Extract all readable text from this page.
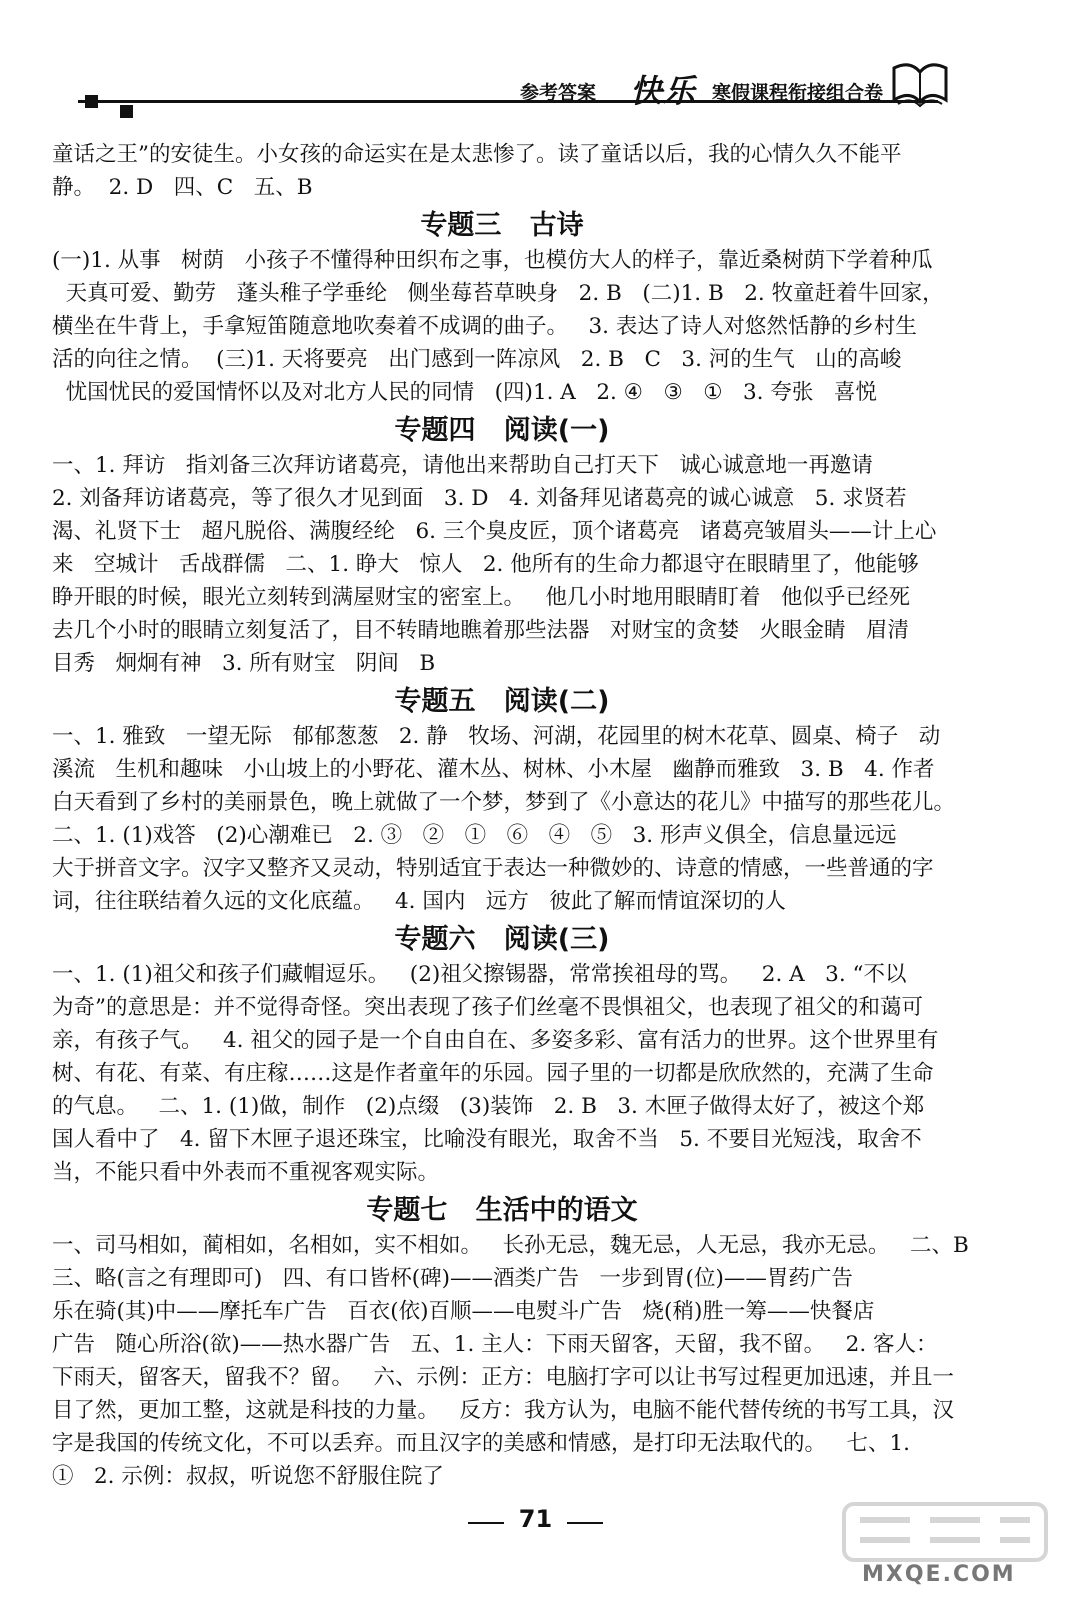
参考答案 快乐 寒假课程衔接组合卷
童话之王”的安徒生。小女孩的命运实在是太悲惨了。读了童话以后，我的心情久久不能平
静。  2. D   四、C   五、B
专题三   古诗
(一)1. 从事   树荫   小孩子不懂得种田织布之事，也模仿大人的样子，靠近桑树荫下学着种瓜
天真可爱、勤劳   蓬头稚子学垂纶   侧坐莓苔草映身   2. B   (二)1. B   2. 牧童赶着牛回家，
横坐在牛背上，手拿短笛随意地吹奏着不成调的曲子。   3. 表达了诗人对悠然恬静的乡村生
活的向往之情。  (三)1. 天将要亮   出门感到一阵凉风   2. B   C   3. 河的生气   山的高峻
忧国忧民的爱国情怀以及对北方人民的同情   (四)1. A   2. ④   ③   ①   3. 夸张   喜悦
专题四   阅读(一)
一、1. 拜访   指刘备三次拜访诸葛亮，请他出来帮助自己打天下   诚心诚意地一再邀请
2. 刘备拜访诸葛亮，等了很久才见到面   3. D   4. 刘备拜见诸葛亮的诚心诚意   5. 求贤若
渴、礼贤下士   超凡脱俗、满腹经纶   6. 三个臭皮匠，顶个诸葛亮   诸葛亮皱眉头——计上心
来   空城计   舌战群儒   二、1. 睁大   惊人   2. 他所有的生命力都退守在眼睛里了，他能够
睁开眼的时候，眼光立刻转到满屋财宝的密室上。   他几小时地用眼睛盯着   他似乎已经死
去几个小时的眼睛立刻复活了，目不转睛地瞧着那些法器   对财宝的贪婪   火眼金睛   眉清
目秀   炯炯有神   3. 所有财宝   阴间   B
专题五   阅读(二)
一、1. 雅致   一望无际   郁郁葱葱   2. 静   牧场、河湖，花园里的树木花草、圆桌、椅子   动
溪流   生机和趣味   小山坡上的小野花、灌木丛、树林、小木屋   幽静而雅致   3. B   4. 作者
白天看到了乡村的美丽景色，晚上就做了一个梦，梦到了《小意达的花儿》中描写的那些花儿。
二、1. (1)戏答   (2)心潮难已   2. ③   ②   ①   ⑥   ④   ⑤   3. 形声义俱全，信息量远远
大于拼音文字。汉字又整齐又灵动，特别适宜于表达一种微妙的、诗意的情感，一些普通的字
词，往往联结着久远的文化底蕴。   4. 国内   远方   彼此了解而情谊深切的人
专题六   阅读(三)
一、1. (1)祖父和孩子们藏帽逗乐。   (2)祖父擦锡器，常常挨祖母的骂。   2. A   3. “不以
为奇”的意思是：并不觉得奇怪。突出表现了孩子们丝毫不畏惧祖父，也表现了祖父的和蔼可
亲，有孩子气。   4. 祖父的园子是一个自由自在、多姿多彩、富有活力的世界。这个世界里有
树、有花、有菜、有庄稼……这是作者童年的乐园。园子里的一切都是欣欣然的，充满了生命
的气息。   二、1. (1)做，制作   (2)点缀   (3)装饰   2. B   3. 木匣子做得太好了，被这个郑
国人看中了   4. 留下木匣子退还珠宝，比喻没有眼光，取舍不当   5. 不要目光短浅，取舍不
当，不能只看中外表而不重视客观实际。
专题七   生活中的语文
一、司马相如，蔺相如，名相如，实不相如。   长孙无忌，魏无忌，人无忌，我亦无忌。   二、B
三、略(言之有理即可)   四、有口皆杯(碑)——酒类广告   一步到胃(位)——胃药广告
乐在骑(其)中——摩托车广告   百衣(依)百顺——电熨斗广告   烧(稍)胜一筹——快餐店
广告   随心所浴(欲)——热水器广告   五、1. 主人：下雨天留客，天留，我不留。   2. 客人：
下雨天，留客天，留我不？留。   六、示例：正方：电脑打字可以让书写过程更加迅速，并且一
目了然，更加工整，这就是科技的力量。   反方：我方认为，电脑不能代替传统的书写工具，汉
字是我国的传统文化，不可以丢弃。而且汉字的美感和情感，是打印无法取代的。   七、1.
①   2. 示例：叔叔，听说您不舒服住院了
71
MXQE.COM
